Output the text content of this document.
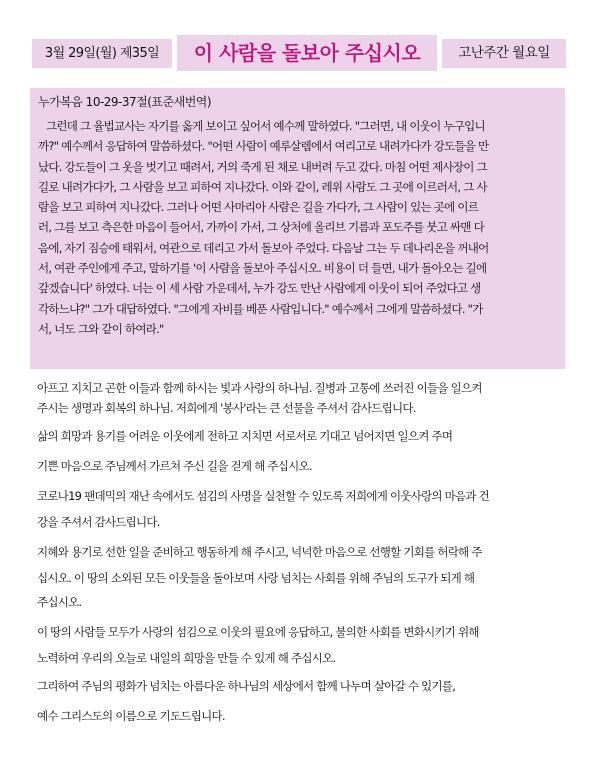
3월 29일(월) 제35일	이 사람을 돌보아 주십시오	고난주간 월요일
누가복음 10-29-37절(표준새번역)
그런데 그 율법교사는 자기를 옳게 보이고 싶어서 예수께 말하였다. "그러면, 내 이웃이 누구입니
까?" 예수께서 응답하여 말씀하셨다. "어떤 사람이 예루살렘에서 여리고로 내려가다가 강도들을 만
났다. 강도들이 그 옷을 벗기고 때려서, 거의 죽게 된 채로 내버려 두고 갔다. 마침 어떤 제사장이 그
길로 내려가다가, 그 사람을 보고 피하여 지나갔다. 이와 같이, 레위 사람도 그 곳에 이르러서, 그 사
람을 보고 피하여 지나갔다. 그러나 어떤 사마리아 사람은 길을 가다가, 그 사람이 있는 곳에 이르
러, 그를 보고 측은한 마음이 들어서, 가까이 가서, 그 상처에 올리브 기름과 포도주를 붓고 싸맨 다
음에, 자기 짐승에 태워서, 여관으로 데리고 가서 돌보아 주었다. 다음날 그는 두 데나리온을 꺼내어
서, 여관 주인에게 주고, 말하기를 '이 사람을 돌보아 주십시오. 비용이 더 들면, 내가 돌아오는 길에
갚겠습니다' 하였다. 너는 이 세 사람 가운데서, 누가 강도 만난 사람에게 이웃이 되어 주었다고 생
각하느냐?" 그가 대답하였다. "그에게 자비를 베푼 사람입니다." 예수께서 그에게 말씀하셨다. "가
서, 너도 그와 같이 하여라."
아프고 지치고 곤한 이들과 함께 하시는 빛과 사랑의 하나님. 질병과 고통에 쓰러진 이들을 일으켜
주시는 생명과 회복의 하나님. 저희에게 '봉사'라는 큰 선물을 주셔서 감사드립니다.
삶의 희망과 용기를 어려운 이웃에게 전하고 지치면 서로서로 기대고 넘어지면 일으켜 주며
기쁜 마음으로 주님께서 가르쳐 주신 길을 걷게 해 주십시오.
코로나19 팬데믹의 재난 속에서도 섬김의 사명을 실천할 수 있도록 저희에게 이웃사랑의 마음과 건
강을 주셔서 감사드립니다.
지혜와 용기로 선한 일을 준비하고 행동하게 해 주시고, 넉넉한 마음으로 선행할 기회를 허락해 주
십시오. 이 땅의 소외된 모든 이웃들을 돌아보며 사랑 넘치는 사회를 위해 주님의 도구가 되게 해
주십시오.
이 땅의 사람들 모두가 사랑의 섬김으로 이웃의 필요에 응답하고, 불의한 사회를 변화시키기 위해
노력하여 우리의 오늘로 내일의 희망을 만들 수 있게 해 주십시오.
그리하여 주님의 평화가 넘치는 아름다운 하나님의 세상에서 함께 나누며 살아갈 수 있기를,
예수 그리스도의 이름으로 기도드립니다.
